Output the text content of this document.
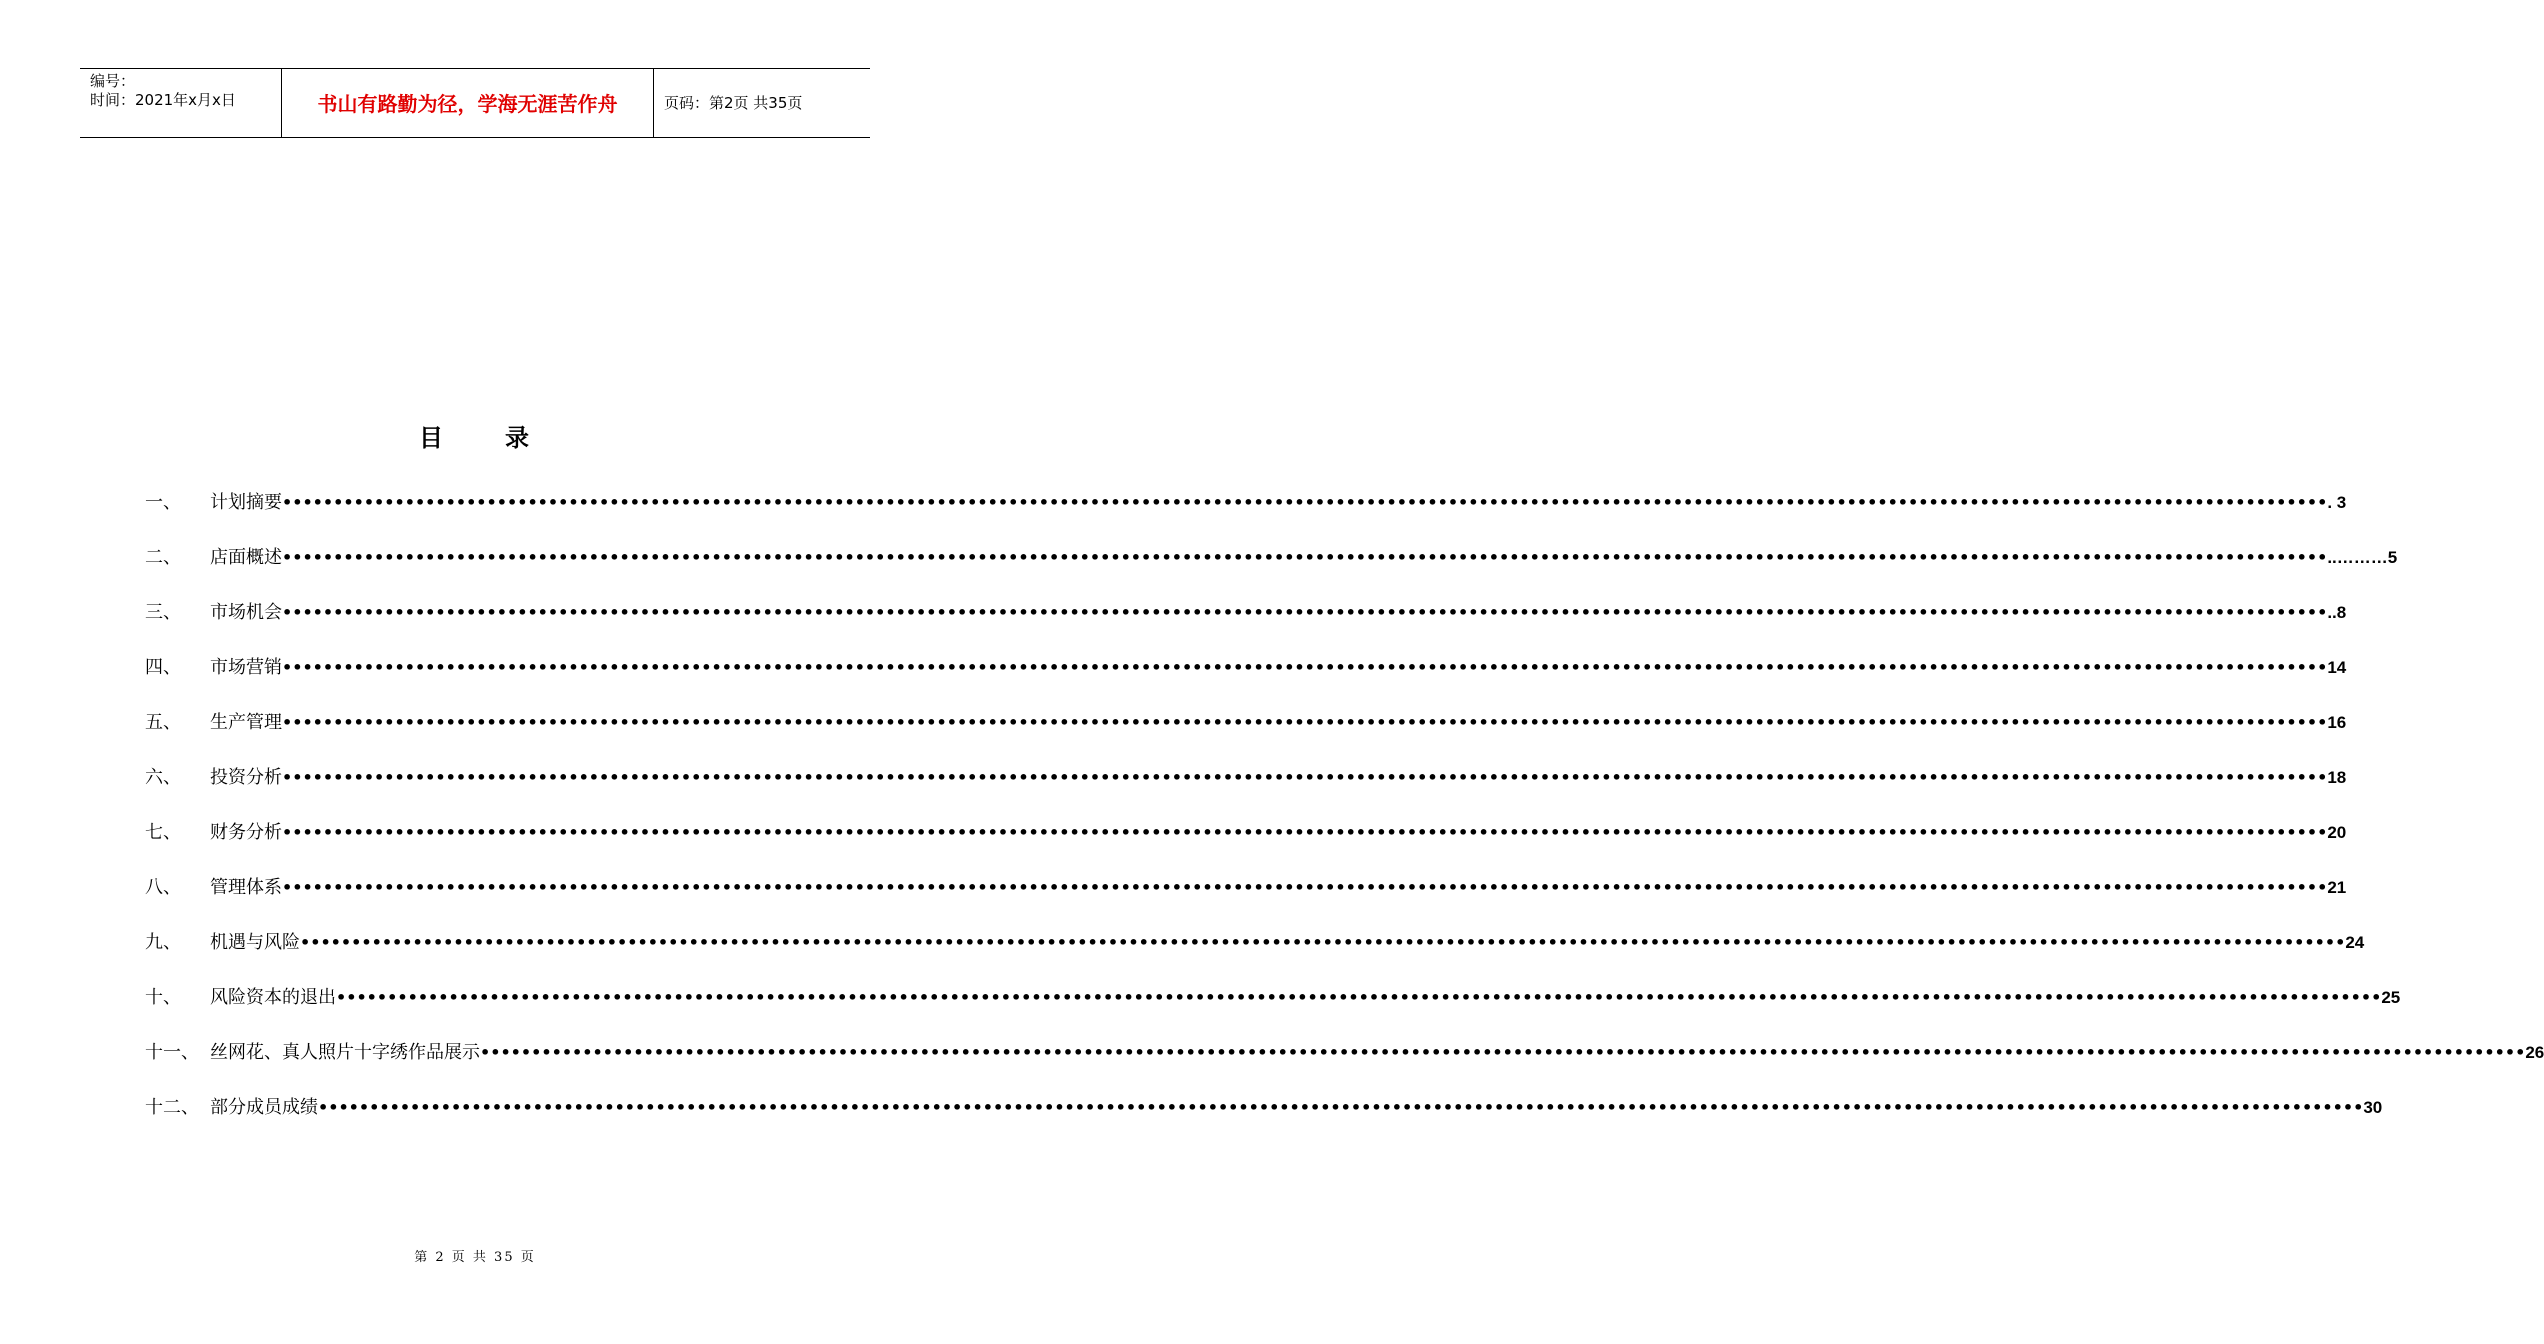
编号：
时间：2021年x月x日	书山有路勤为径，学海无涯苦作舟	页码：第2页 共35页
目	录
一、 计划摘要 •••••••••••••••••••••••••••••••••••••••••••••••••••••••••••••••••••••••••••••••••••••••••••••••••••••••••••••••••••••••••••••••••••••••••••••••••••••••••••••••••••••••••••••••••••••••••••••••••••••••• . 3
二、 店面概述 •••••••••••••••••••••••••••••••••••••••••••••••••••••••••••••••••••••••••••••••••••••••••••••••••••••••••••••••••••••••••••••••••••••••••••••••••••••••••••••••••••••••••••••••••••••••••••••••••••••••• ..………5
三、 市场机会 •••••••••••••••••••••••••••••••••••••••••••••••••••••••••••••••••••••••••••••••••••••••••••••••••••••••••••••••••••••••••••••••••••••••••••••••••••••••••••••••••••••••••••••••••••••••••••••••••••••••• ..8
四、 市场营销 •••••••••••••••••••••••••••••••••••••••••••••••••••••••••••••••••••••••••••••••••••••••••••••••••••••••••••••••••••••••••••••••••••••••••••••••••••••••••••••••••••••••••••••••••••••••••••••••••••••••• 14
五、 生产管理 •••••••••••••••••••••••••••••••••••••••••••••••••••••••••••••••••••••••••••••••••••••••••••••••••••••••••••••••••••••••••••••••••••••••••••••••••••••••••••••••••••••••••••••••••••••••••••••••••••••••• 16
六、 投资分析 •••••••••••••••••••••••••••••••••••••••••••••••••••••••••••••••••••••••••••••••••••••••••••••••••••••••••••••••••••••••••••••••••••••••••••••••••••••••••••••••••••••••••••••••••••••••••••••••••••••••• 18
七、 财务分析 •••••••••••••••••••••••••••••••••••••••••••••••••••••••••••••••••••••••••••••••••••••••••••••••••••••••••••••••••••••••••••••••••••••••••••••••••••••••••••••••••••••••••••••••••••••••••••••••••••••••• 20
八、 管理体系 •••••••••••••••••••••••••••••••••••••••••••••••••••••••••••••••••••••••••••••••••••••••••••••••••••••••••••••••••••••••••••••••••••••••••••••••••••••••••••••••••••••••••••••••••••••••••••••••••••••••• 21
九、 机遇与风险 •••••••••••••••••••••••••••••••••••••••••••••••••••••••••••••••••••••••••••••••••••••••••••••••••••••••••••••••••••••••••••••••••••••••••••••••••••••••••••••••••••••••••••••••••••••••••••••••••••••••• 24
十、 风险资本的退出 •••••••••••••••••••••••••••••••••••••••••••••••••••••••••••••••••••••••••••••••••••••••••••••••••••••••••••••••••••••••••••••••••••••••••••••••••••••••••••••••••••••••••••••••••••••••••••••••••••••••• 25
十一、 丝网花、真人照片十字绣作品展示 •••••••••••••••••••••••••••••••••••••••••••••••••••••••••••••••••••••••••••••••••••••••••••••••••••••••••••••••••••••••••••••••••••••••••••••••••••••••••••••••••••••••••••••••••••••••••••••••••••••••• 26
十二、 部分成员成绩 •••••••••••••••••••••••••••••••••••••••••••••••••••••••••••••••••••••••••••••••••••••••••••••••••••••••••••••••••••••••••••••••••••••••••••••••••••••••••••••••••••••••••••••••••••••••••••••••••••••••• 30
第 2 页 共 35 页
